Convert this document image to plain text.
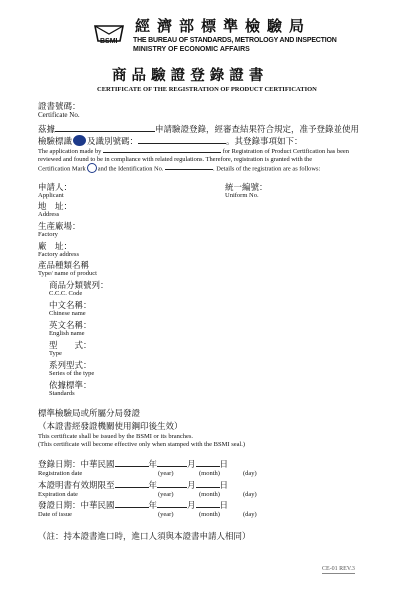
BSMI
經濟部標準檢驗局
THE BUREAU OF STANDARDS, METROLOGY AND INSPECTION
MINISTRY OF ECONOMIC AFFAIRS
商 品 驗 證 登 錄 證 書
CERTIFICATE OF THE REGISTRATION OF PRODUCT CERTIFICATION
證書號碼：
Certificate No.
茲據	申請驗證登錄，經審查結果符合規定，准予登錄並使用
檢驗標識 及識別號碼：	。其登錄事項如下：
The application made by	for Registration of Product Certification has been
reviewed and found to be in compliance with related regulations. Therefore, registration is granted with the
Certification Mark and the Identification No.	. Details of the registration are as follows:
申請人：
Applicant
統一編號：
Uniform No.
地　址：
Address
生產廠場：
Factory
廠　址：
Factory address
產品種類名稱
Type/ name of product
商品分類號列：
C.C.C. Code
中文名稱：
Chinese name
英文名稱：
English name
型　　式：
Type
系列型式：
Series of the type
依據標準：
Standards
標準檢驗局或所屬分局發證
（本證書經發證機關使用鋼印後生效）
This certificate shall be issued by the BSMI or its branches.
(This certificate will become effective only when stamped with the BSMI seal.)
登錄日期：中華民國	年	月	日
Registration date	(year)	(month)	(day)
本證明書有效期限至	年	月	日
Expiration date	(year)	(month)	(day)
發證日期：中華民國	年	月	日
Date of issue	(year)	(month)	(day)
（註：持本證書進口時，進口人須與本證書申請人相同）
CE-01 REV.3
